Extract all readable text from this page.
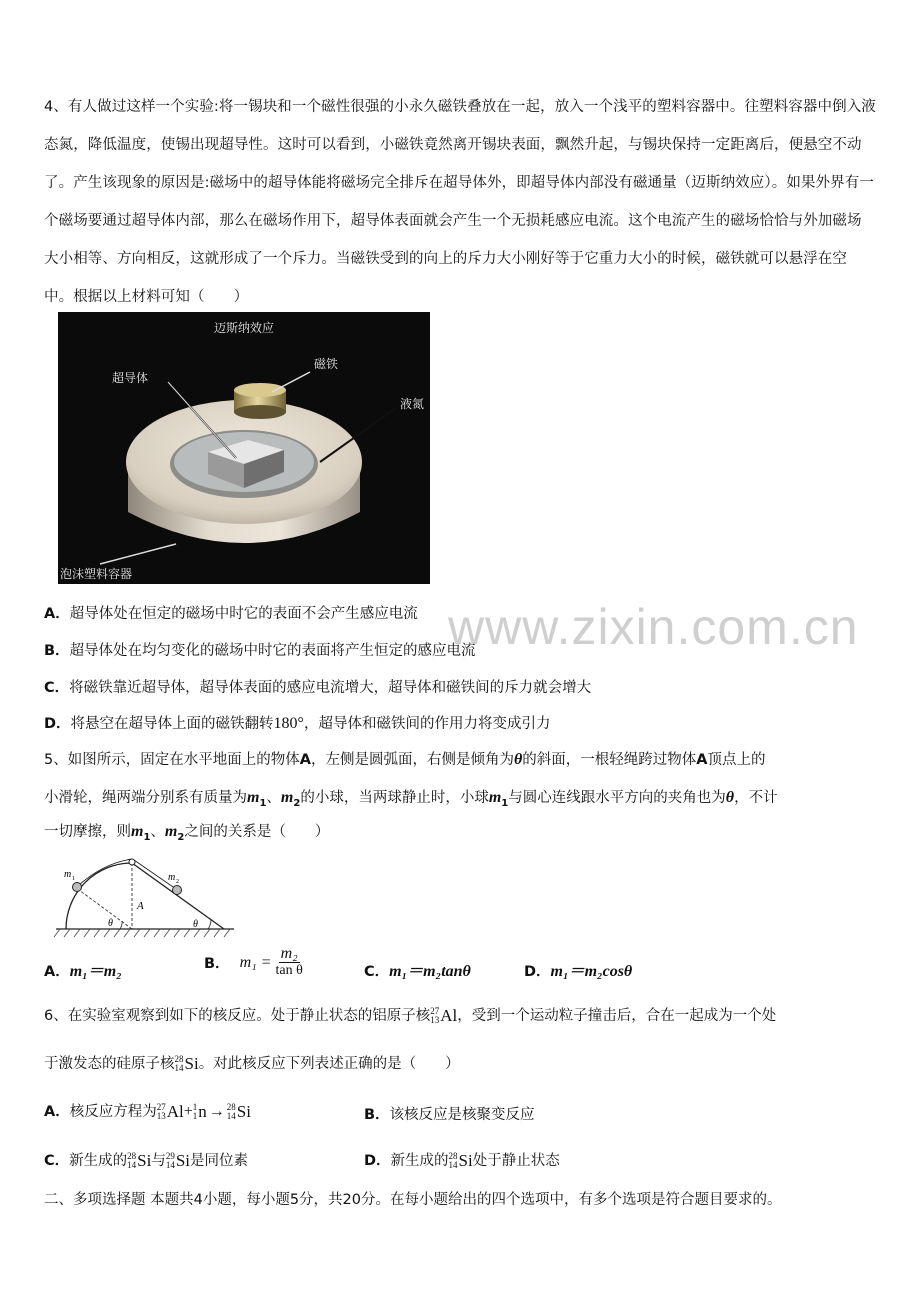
4、有人做过这样一个实验:将一锡块和一个磁性很强的小永久磁铁叠放在一起，放入一个浅平的塑料容器中。往塑料容器中倒入液态氮，降低温度，使锡出现超导性。这时可以看到，小磁铁竟然离开锡块表面，飘然升起，与锡块保持一定距离后，便悬空不动了。产生该现象的原因是:磁场中的超导体能将磁场完全排斥在超导体外，即超导体内部没有磁通量（迈斯纳效应）。如果外界有一个磁场要通过超导体内部，那么在磁场作用下，超导体表面就会产生一个无损耗感应电流。这个电流产生的磁场恰恰与外加磁场大小相等、方向相反，这就形成了一个斥力。当磁铁受到的向上的斥力大小刚好等于它重力大小的时候，磁铁就可以悬浮在空中。根据以上材料可知（　　）
迈斯纳效应
超导体
磁铁
液氮
泡沫塑料容器
www.zixin.com.cn
A．超导体处在恒定的磁场中时它的表面不会产生感应电流
B．超导体处在均匀变化的磁场中时它的表面将产生恒定的感应电流
C．将磁铁靠近超导体，超导体表面的感应电流增大，超导体和磁铁间的斥力就会增大
D．将悬空在超导体上面的磁铁翻转180°，超导体和磁铁间的作用力将变成引力
5、如图所示，固定在水平地面上的物体A，左侧是圆弧面，右侧是倾角为θ的斜面，一根轻绳跨过物体A顶点上的
小滑轮，绳两端分别系有质量为$m_1$、$m_2$的小球，当两球静止时，小球$m_1$与圆心连线跟水平方向的夹角也为θ，不计
一切摩擦，则$m_1$、$m_2$之间的关系是（　　）
m 1	m 2
A
θ	θ
A．m₁＝m₂	B． $m_1 = \frac{\text{m₂}}{\text{tan θ}}$	C．m₁＝m₂tanθ	D．m₁＝m₂cosθ
6、在实验室观察到如下的核反应。处于静止状态的铝原子核 27
13 Al ，受到一个运动粒子撞击后，合在一起成为一个处
于激发态的硅原子核 28
14 Si 。对此核反应下列表述正确的是（　　）
A．核反应方程为 27
13 Al + 1
1 n → 28
14 Si	B．该核反应是核聚变反应
C．新生成的 28
14 Si 与 29
14 Si 是同位素	D．新生成的 28
14 Si 处于静止状态
二、多项选择题 本题共4小题，每小题5分，共20分。在每小题给出的四个选项中，有多个选项是符合题目要求的。
